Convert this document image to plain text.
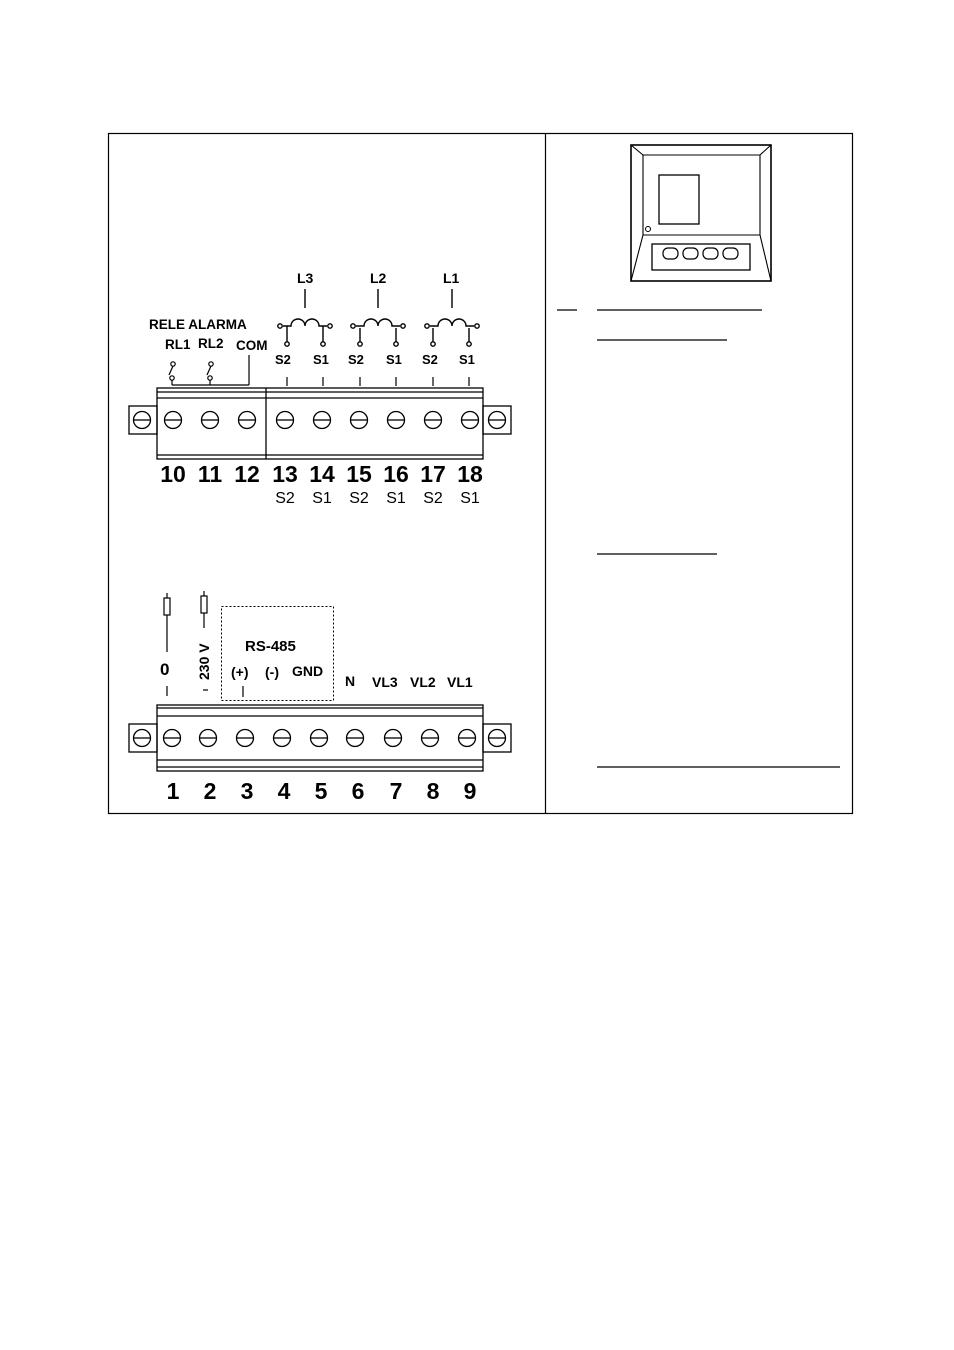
RELE ALARMA
RL1 RL2 COM
L3	L2	L1
S2 S1 S2 S1 S2 S1
10 11 12 13 14 15 16 17 18
S2 S1 S2 S1 S2 S1
0 230 V RS-485
(+) (-) GND
N VL3 VL2 VL1
1 2 3 4 5 6 7 8 9
